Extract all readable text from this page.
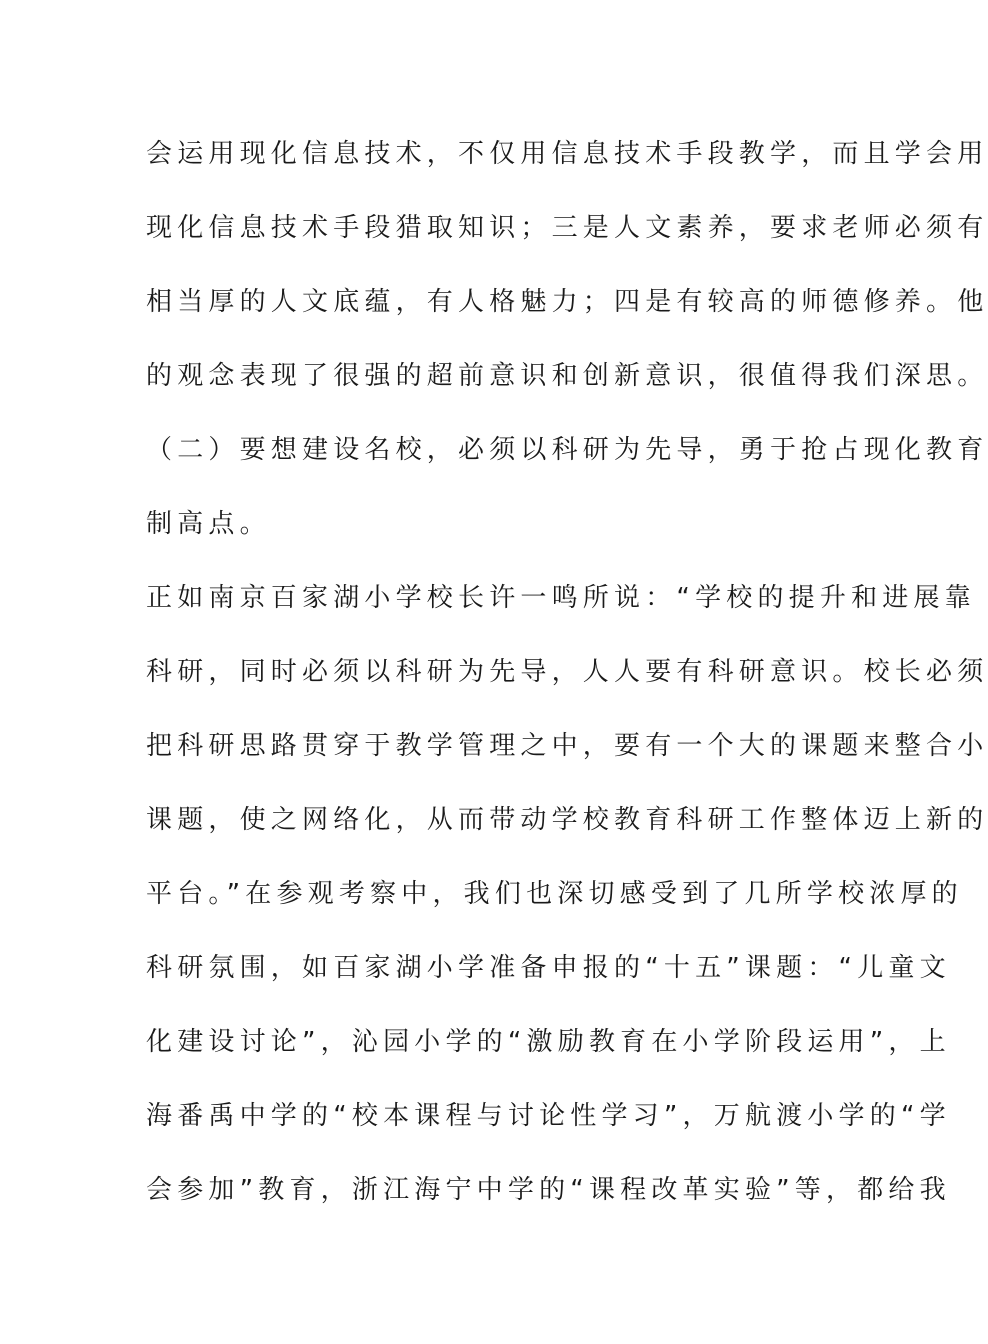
会运用现化信息技术，不仅用信息技术手段教学，而且学会用
现化信息技术手段猎取知识；三是人文素养，要求老师必须有
相当厚的人文底蕴，有人格魅力；四是有较高的师德修养。他
的观念表现了很强的超前意识和创新意识，很值得我们深思。
（二）要想建设名校，必须以科研为先导，勇于抢占现化教育
制高点。
正如南京百家湖小学校长许一鸣所说：“学校的提升和进展靠
科研，同时必须以科研为先导，人人要有科研意识。校长必须
把科研思路贯穿于教学管理之中，要有一个大的课题来整合小
课题，使之网络化，从而带动学校教育科研工作整体迈上新的
平台。”在参观考察中，我们也深切感受到了几所学校浓厚的
科研氛围，如百家湖小学准备申报的“十五”课题：“儿童文
化建设讨论”，沁园小学的“激励教育在小学阶段运用”，上
海番禹中学的“校本课程与讨论性学习”，万航渡小学的“学
会参加”教育，浙江海宁中学的“课程改革实验”等，都给我
